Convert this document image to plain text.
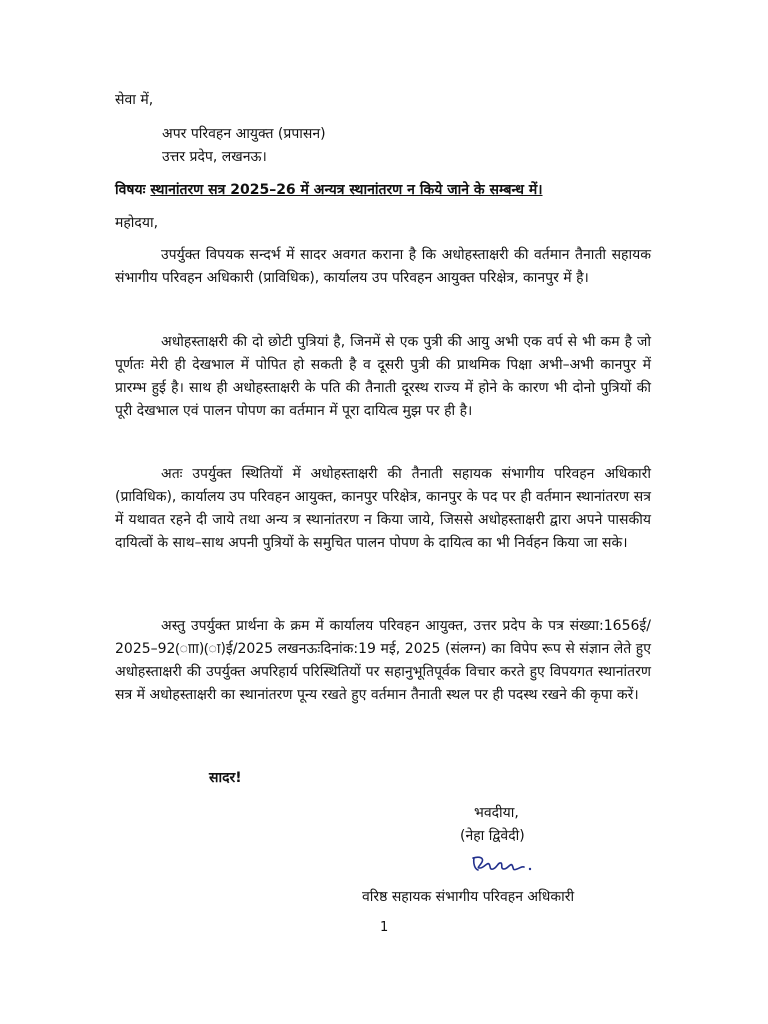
सेवा में,
अपर परिवहन आयुक्त (प्रपासन)
उत्तर प्रदेप, लखनऊ।
विषयः स्थानांतरण सत्र 2025–26 में अन्यत्र स्थानांतरण न किये जाने के सम्बन्ध में।
महोदया,
उपर्युक्त विपयक सन्दर्भ में सादर अवगत कराना है कि अधोहस्ताक्षरी की वर्तमान तैनाती सहायक संभागीय परिवहन अधिकारी (प्राविधिक), कार्यालय उप परिवहन आयुक्त परिक्षेत्र, कानपुर में है।
अधोहस्ताक्षरी की दो छोटी पुत्रियां है, जिनमें से एक पुत्री की आयु अभी एक वर्प से भी कम है जो पूर्णतः मेरी ही देखभाल में पोपित हो सकती है व दूसरी पुत्री की प्राथमिक पिक्षा अभी–अभी कानपुर में प्रारम्भ हुई है। साथ ही अधोहस्ताक्षरी के पति की तैनाती दूरस्थ राज्य में होने के कारण भी दोनो पुत्रियों की पूरी देखभाल एवं पालन पोपण का वर्तमान में पूरा दायित्व मुझ पर ही है।
अतः उपर्युक्त स्थितियों में अधोहस्ताक्षरी की तैनाती सहायक संभागीय परिवहन अधिकारी (प्राविधिक), कार्यालय उप परिवहन आयुक्त, कानपुर परिक्षेत्र, कानपुर के पद पर ही वर्तमान स्थानांतरण सत्र में यथावत रहने दी जाये तथा अन्य त्र स्थानांतरण न किया जाये, जिससे अधोहस्ताक्षरी द्वारा अपने पासकीय दायित्वों के साथ–साथ अपनी पुत्रियों के समुचित पालन पोपण के दायित्व का भी निर्वहन किया जा सके।
अस्तु उपर्युक्त प्रार्थना के क्रम में कार्यालय परिवहन आयुक्त, उत्तर प्रदेप के पत्र संख्या:1656ई/ 2025–92(ााा)(ा)ई/2025 लखनऊःदिनांक:19 मई, 2025 (संलग्न) का विपेप रूप से संज्ञान लेते हुए अधोहस्ताक्षरी की उपर्युक्त अपरिहार्य परिस्थितियों पर सहानुभूतिपूर्वक विचार करते हुए विपयगत स्थानांतरण सत्र में अधोहस्ताक्षरी का स्थानांतरण पून्य रखते हुए वर्तमान तैनाती स्थल पर ही पदस्थ रखने की कृपा करें।
सादर!
भवदीया,
(नेहा द्विवेदी)
वरिष्ठ सहायक संभागीय परिवहन अधिकारी
1
